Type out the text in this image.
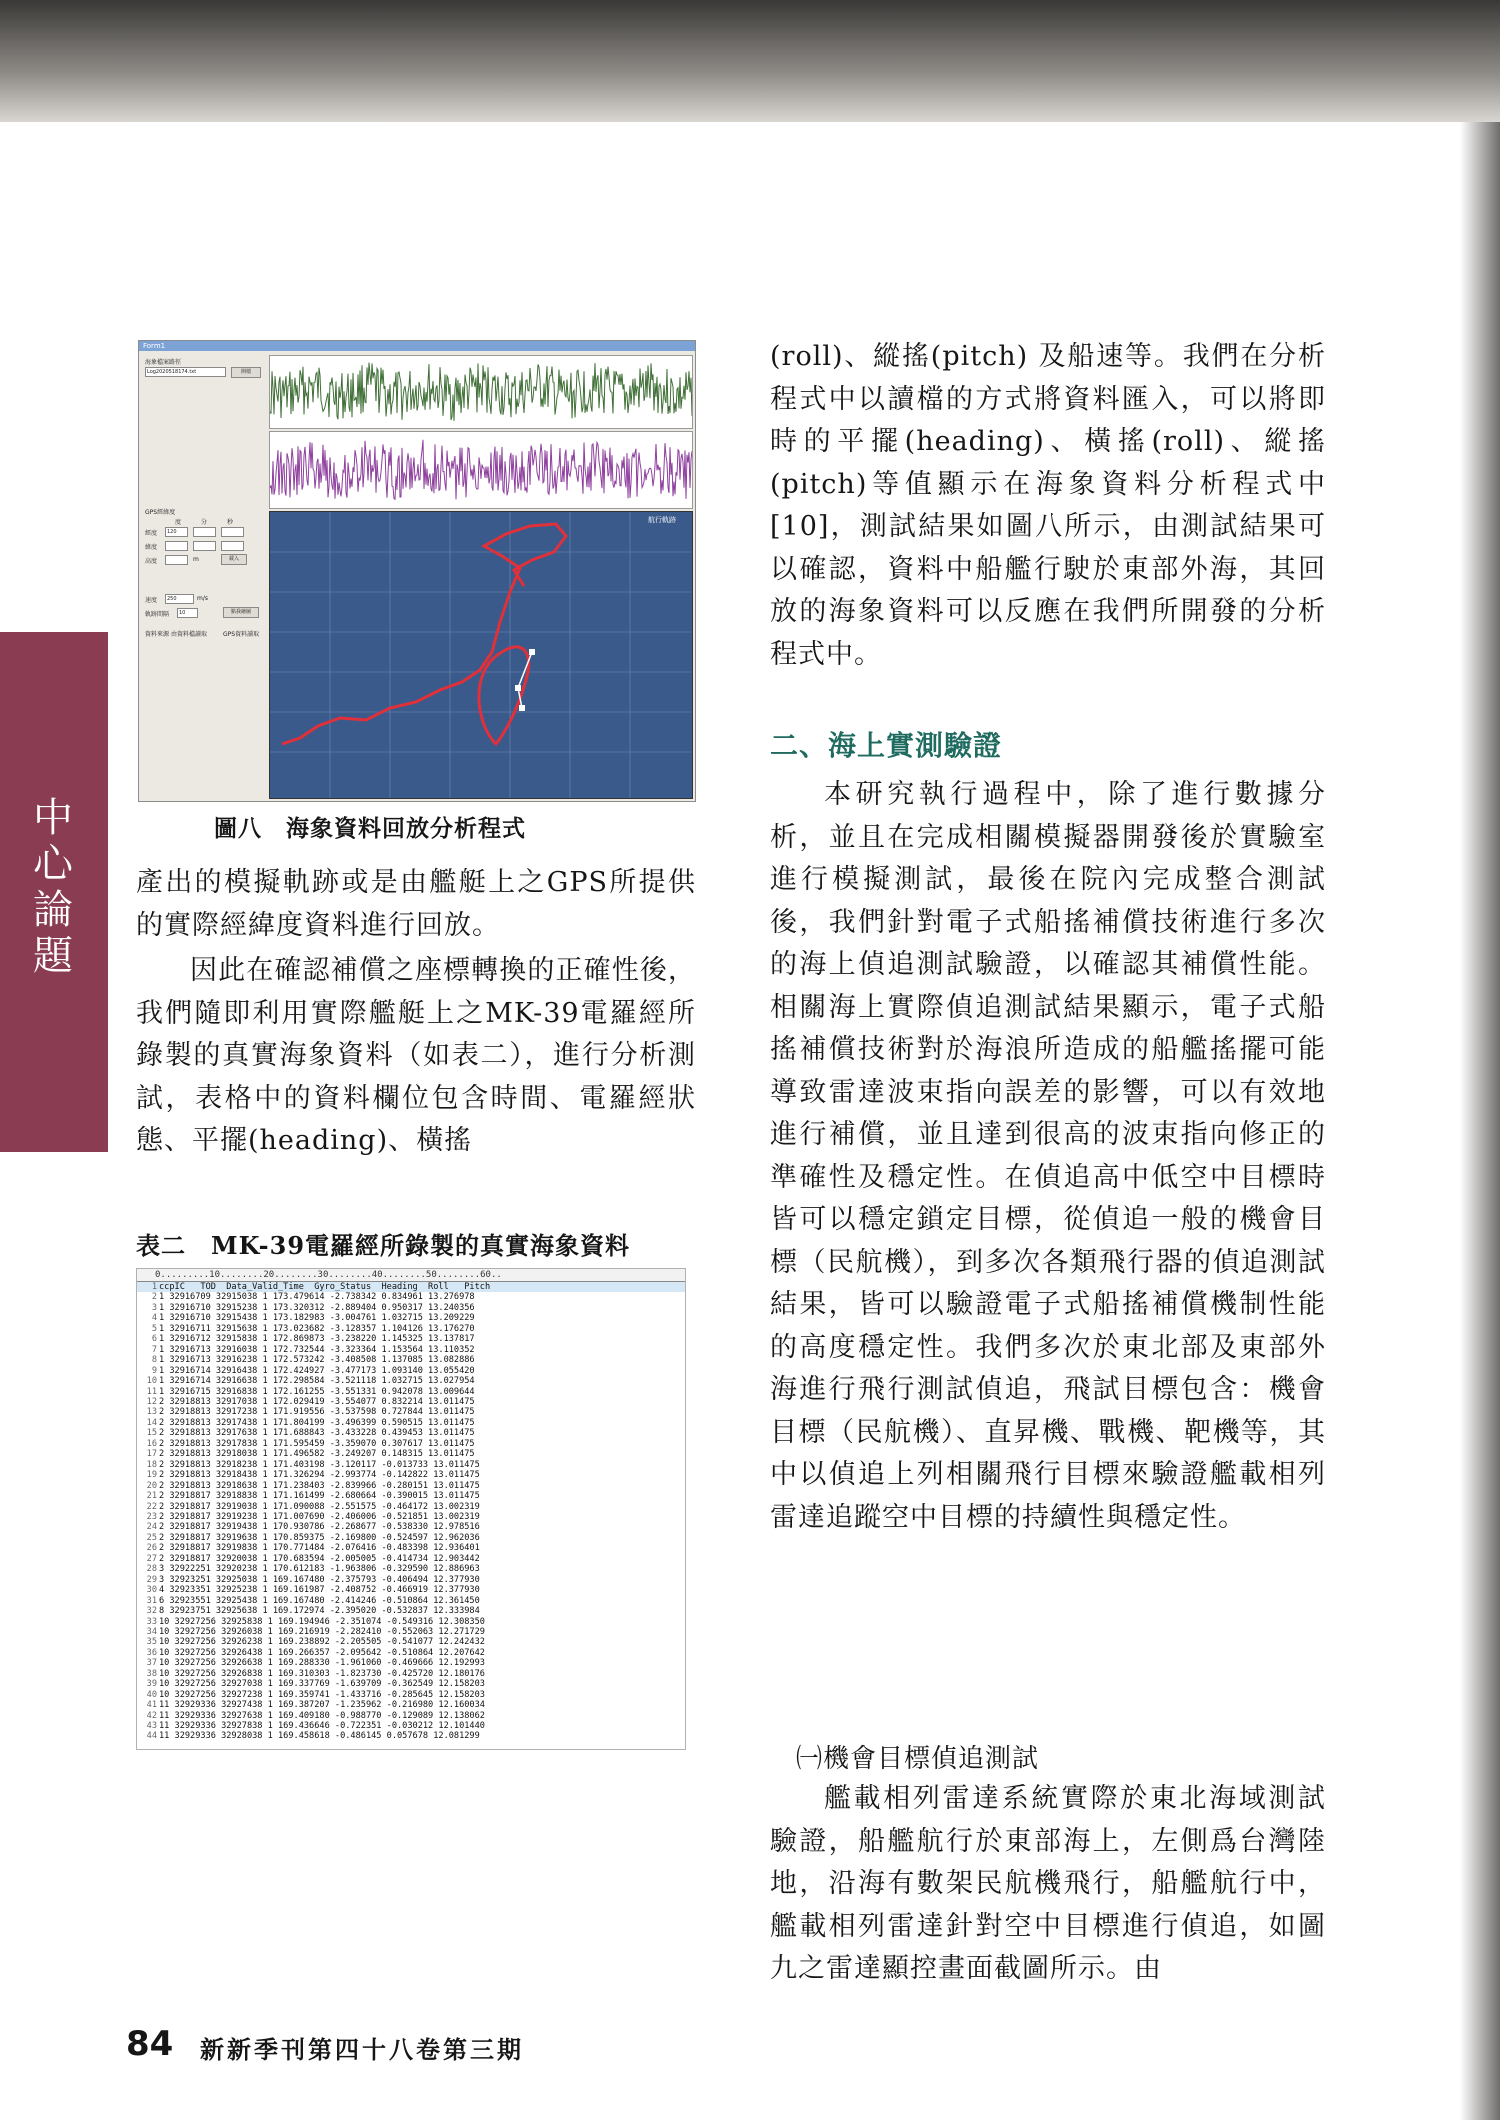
中心論題
Form1
海象檔案路徑
Log2020518174.txt	開檔
GPS經緯度
度	分	秒
經度	120
緯度
高度	m	載入
速度	250	m/s
軌跡間隔	10	點我繪圖
資料來源 由資料檔讀取	GPS資料讀取
航行軌跡
圖八　海象資料回放分析程式
產出的模擬軌跡或是由艦艇上之GPS所提供的實際經緯度資料進行回放。
因此在確認補償之座標轉換的正確性後，我們隨即利用實際艦艇上之MK-39電羅經所錄製的真實海象資料（如表二），進行分析測試，表格中的資料欄位包含時間、電羅經狀態、平擺(heading)、橫搖
表二　MK-39電羅經所錄製的真實海象資料
0.........10........20........30........40........50........60..
1 ccpIC   TOD  Data_Valid_Time  Gyro_Status  Heading  Roll   Pitch
2 1 32916709 32915038 1 173.479614 -2.738342 0.834961 13.276978
3 1 32916710 32915238 1 173.320312 -2.889404 0.950317 13.240356
4 1 32916710 32915438 1 173.182983 -3.004761 1.032715 13.209229
5 1 32916711 32915638 1 173.023682 -3.128357 1.104126 13.176270
6 1 32916712 32915838 1 172.869873 -3.238220 1.145325 13.137817
7 1 32916713 32916038 1 172.732544 -3.323364 1.153564 13.110352
8 1 32916713 32916238 1 172.573242 -3.408508 1.137085 13.082886
9 1 32916714 32916438 1 172.424927 -3.477173 1.093140 13.055420
10 1 32916714 32916638 1 172.298584 -3.521118 1.032715 13.027954
11 1 32916715 32916838 1 172.161255 -3.551331 0.942078 13.009644
12 2 32918813 32917038 1 172.029419 -3.554077 0.832214 13.011475
13 2 32918813 32917238 1 171.919556 -3.537598 0.727844 13.011475
14 2 32918813 32917438 1 171.804199 -3.496399 0.590515 13.011475
15 2 32918813 32917638 1 171.688843 -3.433228 0.439453 13.011475
16 2 32918813 32917838 1 171.595459 -3.359070 0.307617 13.011475
17 2 32918813 32918038 1 171.496582 -3.249207 0.148315 13.011475
18 2 32918813 32918238 1 171.403198 -3.120117 -0.013733 13.011475
19 2 32918813 32918438 1 171.326294 -2.993774 -0.142822 13.011475
20 2 32918813 32918638 1 171.238403 -2.839966 -0.280151 13.011475
21 2 32918817 32918838 1 171.161499 -2.680664 -0.390015 13.011475
22 2 32918817 32919038 1 171.090088 -2.551575 -0.464172 13.002319
23 2 32918817 32919238 1 171.007690 -2.406006 -0.521851 13.002319
24 2 32918817 32919438 1 170.930786 -2.268677 -0.538330 12.978516
25 2 32918817 32919638 1 170.859375 -2.169800 -0.524597 12.962036
26 2 32918817 32919838 1 170.771484 -2.076416 -0.483398 12.936401
27 2 32918817 32920038 1 170.683594 -2.005005 -0.414734 12.903442
28 3 32922251 32920238 1 170.612183 -1.963806 -0.329590 12.886963
29 3 32923251 32925038 1 169.167480 -2.375793 -0.406494 12.377930
30 4 32923351 32925238 1 169.161987 -2.408752 -0.466919 12.377930
31 6 32923551 32925438 1 169.167480 -2.414246 -0.510864 12.361450
32 8 32923751 32925638 1 169.172974 -2.395020 -0.532837 12.333984
33 10 32927256 32925838 1 169.194946 -2.351074 -0.549316 12.308350
34 10 32927256 32926038 1 169.216919 -2.282410 -0.552063 12.271729
35 10 32927256 32926238 1 169.238892 -2.205505 -0.541077 12.242432
36 10 32927256 32926438 1 169.266357 -2.095642 -0.510864 12.207642
37 10 32927256 32926638 1 169.288330 -1.961060 -0.469666 12.192993
38 10 32927256 32926838 1 169.310303 -1.823730 -0.425720 12.180176
39 10 32927256 32927038 1 169.337769 -1.639709 -0.362549 12.158203
40 10 32927256 32927238 1 169.359741 -1.433716 -0.285645 12.158203
41 11 32929336 32927438 1 169.387207 -1.235962 -0.216980 12.160034
42 11 32929336 32927638 1 169.409180 -0.988770 -0.129089 12.138062
43 11 32929336 32927838 1 169.436646 -0.722351 -0.030212 12.101440
44 11 32929336 32928038 1 169.458618 -0.486145 0.057678 12.081299
(roll)、縱搖(pitch) 及船速等。我們在分析程式中以讀檔的方式將資料匯入，可以將即時的平擺(heading)、橫搖(roll)、縱搖(pitch)等值顯示在海象資料分析程式中[10]，測試結果如圖八所示，由測試結果可以確認，資料中船艦行駛於東部外海，其回放的海象資料可以反應在我們所開發的分析程式中。
二、海上實測驗證
本研究執行過程中，除了進行數據分析，並且在完成相關模擬器開發後於實驗室進行模擬測試，最後在院內完成整合測試後，我們針對電子式船搖補償技術進行多次的海上偵追測試驗證，以確認其補償性能。相關海上實際偵追測試結果顯示，電子式船搖補償技術對於海浪所造成的船艦搖擺可能導致雷達波束指向誤差的影響，可以有效地進行補償，並且達到很高的波束指向修正的準確性及穩定性。在偵追高中低空中目標時皆可以穩定鎖定目標，從偵追一般的機會目標（民航機），到多次各類飛行器的偵追測試結果，皆可以驗證電子式船搖補償機制性能的高度穩定性。我們多次於東北部及東部外海進行飛行測試偵追，飛試目標包含：機會目標（民航機）、直昇機、戰機、靶機等，其中以偵追上列相關飛行目標來驗證艦載相列雷達追蹤空中目標的持續性與穩定性。
㈠機會目標偵追測試
艦載相列雷達系統實際於東北海域測試驗證，船艦航行於東部海上，左側爲台灣陸地，沿海有數架民航機飛行，船艦航行中，艦載相列雷達針對空中目標進行偵追，如圖九之雷達顯控畫面截圖所示。由
84 新新季刊第四十八卷第三期
